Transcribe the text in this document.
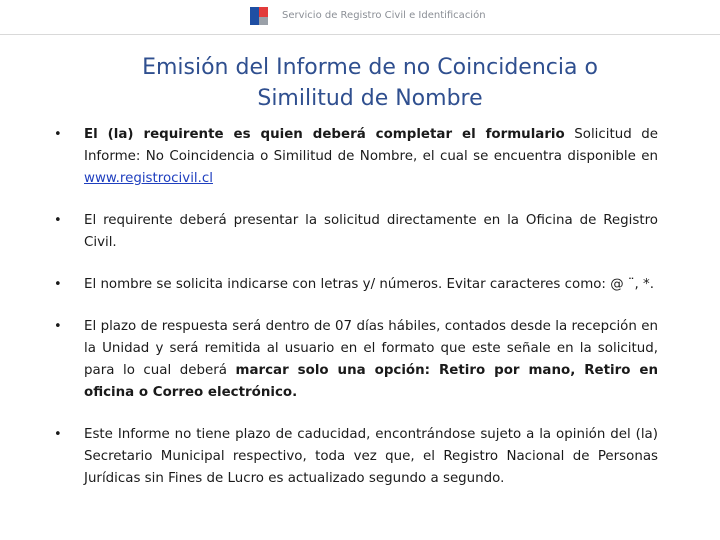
Servicio de Registro Civil e Identificación
Emisión del Informe de no Coincidencia o Similitud de Nombre
• El (la) requirente es quien deberá completar el formulario Solicitud de Informe: No Coincidencia o Similitud de Nombre, el cual se encuentra disponible en www.registrocivil.cl
• El requirente deberá presentar la solicitud directamente en la Oficina de Registro Civil.
• El nombre se solicita indicarse con letras y/ números. Evitar caracteres como: @ ¨, *.
• El plazo de respuesta será dentro de 07 días hábiles, contados desde la recepción en la Unidad y será remitida al usuario en el formato que este señale en la solicitud, para lo cual deberá marcar solo una opción: Retiro por mano, Retiro en oficina o Correo electrónico.
• Este Informe no tiene plazo de caducidad, encontrándose sujeto a la opinión del (la) Secretario Municipal respectivo, toda vez que, el Registro Nacional de Personas Jurídicas sin Fines de Lucro es actualizado segundo a segundo.
